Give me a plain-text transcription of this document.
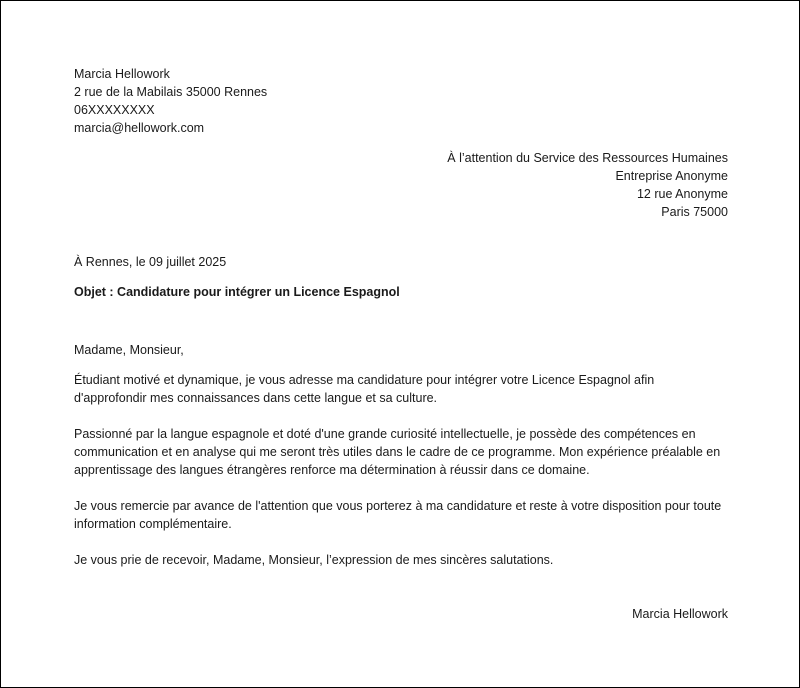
Marcia Hellowork
2 rue de la Mabilais 35000 Rennes
06XXXXXXXX
marcia@hellowork.com
À l’attention du Service des Ressources Humaines
Entreprise Anonyme
12 rue Anonyme
Paris 75000
À Rennes, le 09 juillet 2025
Objet : Candidature pour intégrer un Licence Espagnol
Madame, Monsieur,
Étudiant motivé et dynamique, je vous adresse ma candidature pour intégrer votre Licence Espagnol afin d'approfondir mes connaissances dans cette langue et sa culture.
Passionné par la langue espagnole et doté d'une grande curiosité intellectuelle, je possède des compétences en communication et en analyse qui me seront très utiles dans le cadre de ce programme. Mon expérience préalable en apprentissage des langues étrangères renforce ma détermination à réussir dans ce domaine.
Je vous remercie par avance de l'attention que vous porterez à ma candidature et reste à votre disposition pour toute information complémentaire.
Je vous prie de recevoir, Madame, Monsieur, l’expression de mes sincères salutations.
Marcia Hellowork
